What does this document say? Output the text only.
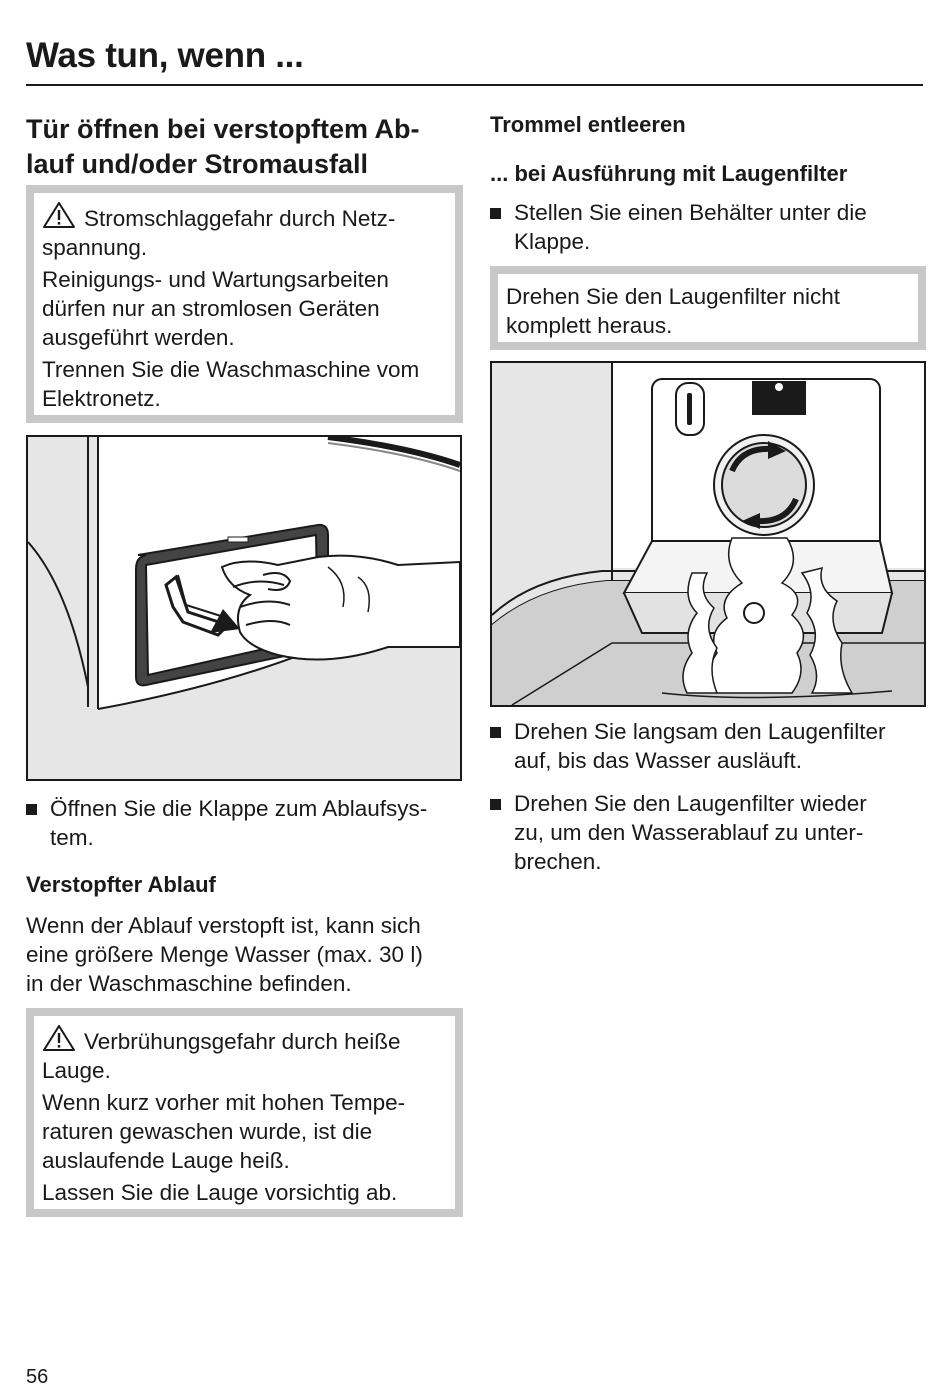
Was tun, wenn ...
Tür öffnen bei verstopftem Ab-
lauf und/oder Stromausfall

Stromschlaggefahr durch Netz-
spannung.

Reinigungs- und Wartungsarbeiten
dürfen nur an stromlosen Geräten
ausgeführt werden.

Trennen Sie die Waschmaschine vom
Elektronetz.

Öffnen Sie die Klappe zum Ablaufsys-
tem.
Verstopfter Ablauf
Wenn der Ablauf verstopft ist, kann sich
eine größere Menge Wasser (max. 30 l)
in der Waschmaschine befinden.

Verbrühungsgefahr durch heiße
Lauge.

Wenn kurz vorher mit hohen Tempe-
raturen gewaschen wurde, ist die
auslaufende Lauge heiß.

Lassen Sie die Lauge vorsichtig ab.

Trommel entleeren
... bei Ausführung mit Laugenfilter
Stellen Sie einen Behälter unter die
Klappe.

Drehen Sie den Laugenfilter nicht
komplett heraus.

Drehen Sie langsam den Laugenfilter
auf, bis das Wasser ausläuft.
Drehen Sie den Laugenfilter wieder
zu, um den Wasserablauf zu unter-
brechen.
56
